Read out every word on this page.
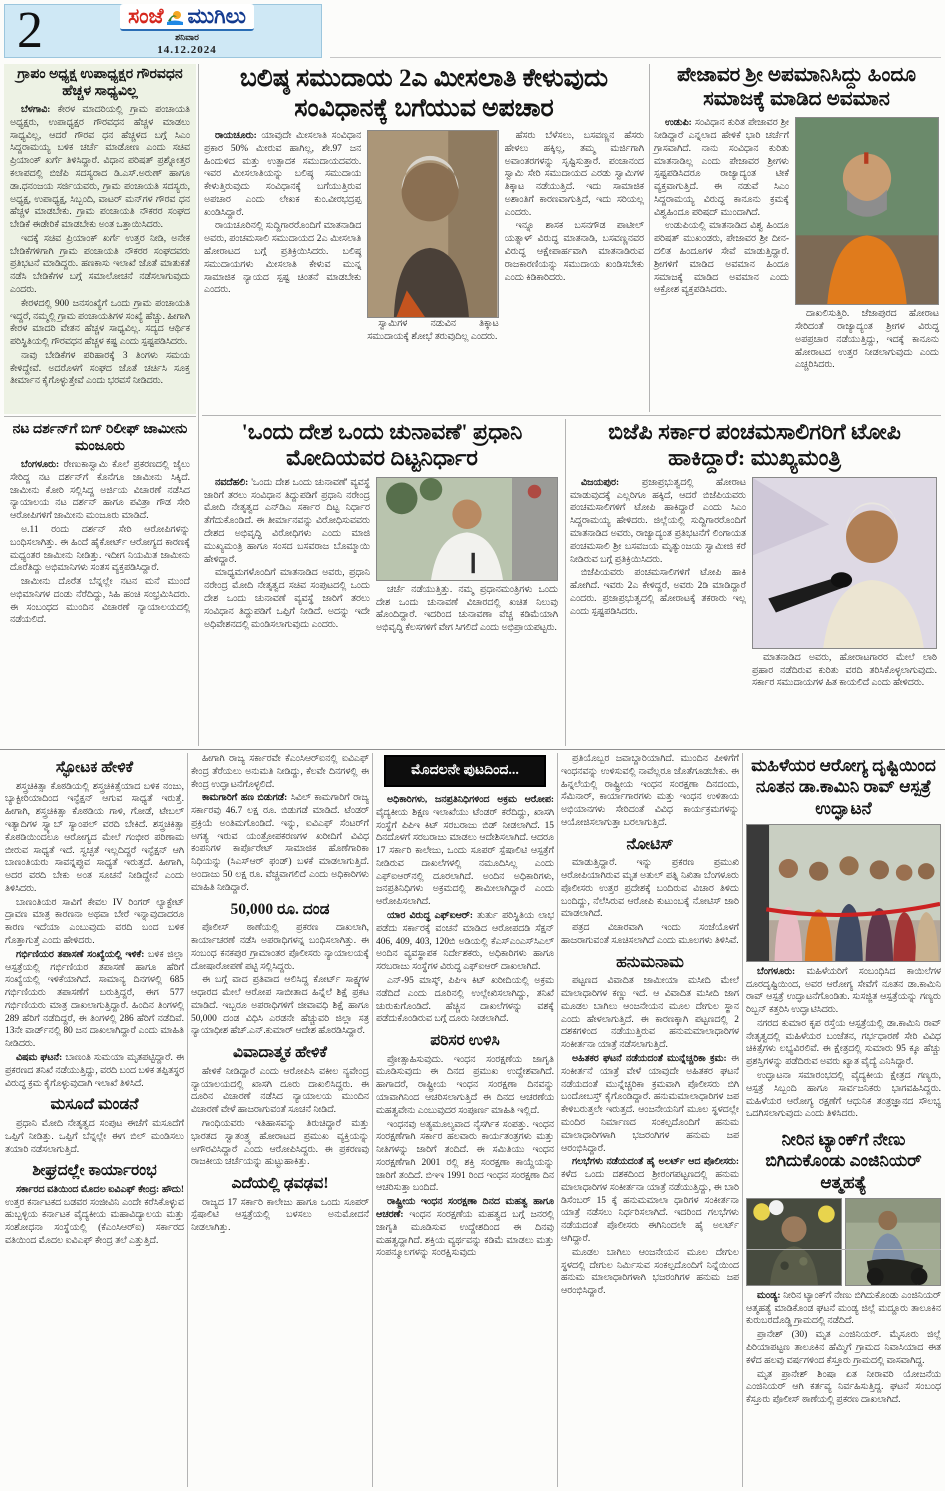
2	ಸಂಜೆ ಮುಗಿಲು
ಶನಿವಾರ
14.12.2024
ಗ್ರಾಪಂ ಅಧ್ಯಕ್ಷ ಉಪಾಧ್ಯಕ್ಷರ ಗೌರವಧನ ಹೆಚ್ಚಳ ಸಾಧ್ಯವಿಲ್ಲ

ಬೆಳಗಾವಿ: ಕೇರಳ ಮಾದರಿಯಲ್ಲಿ ಗ್ರಾಮ ಪಂಚಾಯತಿ ಅಧ್ಯಕ್ಷರು, ಉಪಾಧ್ಯಕ್ಷರ ಗೌರವಧನ ಹೆಚ್ಚಳ ಮಾಡಲು ಸಾಧ್ಯವಿಲ್ಲ, ಆದರೆ ಗೌರವ ಧನ ಹೆಚ್ಚಳದ ಬಗ್ಗೆ ಸಿಎಂ ಸಿದ್ದರಾಮಯ್ಯ ಬಳಿಕ ಚರ್ಚೆ ಮಾಡೋಣ ಎಂದು ಸಚಿವ ಪ್ರಿಯಾಂಕ್ ಖರ್ಗೆ ತಿಳಿಸಿದ್ದಾರೆ. ವಿಧಾನ ಪರಿಷತ್ ಪ್ರಶ್ನೋತ್ತರ ಕಲಾಪದಲ್ಲಿ ಬಿಜೆಪಿ ಸದಸ್ಯರಾದ ಡಿ.ಎಸ್.ಅರುಣ್ ಹಾಗೂ ಡಾ.ಧನಂಜಯ ಸರ್ಜಿಯವರು, ಗ್ರಾಮ ಪಂಚಾಯತಿ ಸದಸ್ಯರು, ಅಧ್ಯಕ್ಷ, ಉಪಾಧ್ಯಕ್ಷ, ಸಿಬ್ಬಂದಿ, ವಾಟರ್ ಮನ್‌ಗಳ ಗೌರವ ಧನ ಹೆಚ್ಚಳ ಮಾಡಬೇಕು. ಗ್ರಾಮ ಪಂಚಾಯತಿ ನೌಕರರ ಸಂಘದ ಬೇಡಿಕೆ ಈಡೇರಿಕೆ ಮಾಡಬೇಕು ಅಂತ ಒತ್ತಾಯಿಸಿದರು.

ಇದಕ್ಕೆ ಸಚಿವ ಪ್ರಿಯಾಂಕ್ ಖರ್ಗೆ ಉತ್ತರ ನೀಡಿ, ಅನೇಕ ಬೇಡಿಕೆಗಳಿಗಾಗಿ ಗ್ರಾಮ ಪಂಚಾಯತಿ ನೌಕರರ ಸಂಘದವರು ಪ್ರತಿಭಟನೆ ಮಾಡಿದ್ದರು. ಹಣಕಾಸು ಇಲಾಖೆ ಜೊತೆ ಮಾತುಕತೆ ನಡೆಸಿ ಬೇಡಿಕೆಗಳ ಬಗ್ಗೆ ಸಮಾಲೋಚನೆ ನಡೆಸಲಾಗುವುದು ಎಂದರು.

ಕೇರಳದಲ್ಲಿ 900 ಜನಸಂಖ್ಯೆಗೆ ಒಂದು ಗ್ರಾಮ ಪಂಚಾಯತಿ ಇದ್ದರೆ, ನಮ್ಮಲ್ಲಿ ಗ್ರಾಮ ಪಂಚಾಯತಿಗಳ ಸಂಖ್ಯೆ ಹೆಚ್ಚು. ಹೀಗಾಗಿ ಕೇರಳ ಮಾದರಿ ವೇತನ ಹೆಚ್ಚಳ ಸಾಧ್ಯವಿಲ್ಲ. ಸದ್ಯದ ಆರ್ಥಿಕ ಪರಿಸ್ಥಿತಿಯಲ್ಲಿ ಗೌರವಧನ ಹೆಚ್ಚಳ ಕಷ್ಟ ಎಂದು ಸ್ಪಷ್ಟಪಡಿಸಿದರು.

ನಾವು ಬೇಡಿಕೆಗಳ ಪರಿಹಾರಕ್ಕೆ 3 ತಿಂಗಳು ಸಮಯ ಕೇಳಿದ್ದೇವೆ. ಅದರೊಳಗೆ ಸಂಘದ ಜೊತೆ ಚರ್ಚಿಸಿ ಸೂಕ್ತ ತೀರ್ಮಾನ ಕೈಗೊಳ್ಳುತ್ತೇವೆ ಎಂದು ಭರವಸೆ ನೀಡಿದರು.

ನಟ ದರ್ಶನ್‌ಗೆ ಬಿಗ್ ರಿಲೀಫ್ ಜಾಮೀನು ಮಂಜೂರು

ಬೆಂಗಳೂರು: ರೇಣುಕಾಸ್ವಾಮಿ ಕೊಲೆ ಪ್ರಕರಣದಲ್ಲಿ ಜೈಲು ಸೇರಿದ್ದ ನಟ ದರ್ಶನ್‌ಗೆ ಕೊನೆಗೂ ಜಾಮೀನು ಸಿಕ್ಕಿದೆ. ಜಾಮೀನು ಕೋರಿ ಸಲ್ಲಿಸಿದ್ದ ಅರ್ಜಿಯ ವಿಚಾರಣೆ ನಡೆಸಿದ ನ್ಯಾಯಾಲಯ ನಟ ದರ್ಶನ್ ಹಾಗೂ ಪವಿತ್ರಾ ಗೌಡ ಸೇರಿ ಆರೋಪಿಗಳಿಗೆ ಜಾಮೀನು ಮಂಜೂರು ಮಾಡಿದೆ.

ಅ.11 ರಂದು ದರ್ಶನ್ ಸೇರಿ ಆರೋಪಿಗಳನ್ನು ಬಂಧಿಸಲಾಗಿತ್ತು. ಈ ಹಿಂದೆ ಹೈಕೋರ್ಟ್ ಆರೋಗ್ಯದ ಕಾರಣಕ್ಕೆ ಮಧ್ಯಂತರ ಜಾಮೀನು ನೀಡಿತ್ತು. ಇದೀಗ ನಿಯಮಿತ ಜಾಮೀನು ದೊರೆತಿದ್ದು ಅಭಿಮಾನಿಗಳು ಸಂತಸ ವ್ಯಕ್ತಪಡಿಸಿದ್ದಾರೆ.

ಜಾಮೀನು ದೊರೆತ ಬೆನ್ನಲ್ಲೇ ನಟನ ಮನೆ ಮುಂದೆ ಅಭಿಮಾನಿಗಳ ದಂಡು ನೆರೆದಿದ್ದು, ಸಿಹಿ ಹಂಚಿ ಸಂಭ್ರಮಿಸಿದರು. ಈ ಸಂಬಂಧದ ಮುಂದಿನ ವಿಚಾರಣೆ ನ್ಯಾಯಾಲಯದಲ್ಲಿ ನಡೆಯಲಿದೆ.

ಬಲಿಷ್ಠ ಸಮುದಾಯ 2ಎ ಮೀಸಲಾತಿ ಕೇಳುವುದು ಸಂವಿಧಾನಕ್ಕೆ ಬಗೆಯುವ ಅಪಚಾರ

ರಾಯಚೂರು: ಯಾವುದೇ ಮೀಸಲಾತಿ ಸಂವಿಧಾನ ಪ್ರಕಾರ 50% ಮೀರುವ ಹಾಗಿಲ್ಲ, ಶೇ.97 ಜನ ಹಿಂದುಳಿದ ಮತ್ತು ಉತ್ಪಾದಕ ಸಮುದಾಯದವರು. ಇವರ ಮೀಸಲಾತಿಯನ್ನು ಬಲಿಷ್ಠ ಸಮುದಾಯ ಕೇಳುತ್ತಿರುವುದು ಸಂವಿಧಾನಕ್ಕೆ ಬಗೆಯುತ್ತಿರುವ ಅಪಚಾರ ಎಂದು ಲೇಖಕ ಕುಂ.ವೀರಭದ್ರಪ್ಪ ಖಂಡಿಸಿದ್ದಾರೆ.

ರಾಯಚೂರಿನಲ್ಲಿ ಸುದ್ದಿಗಾರರೊಂದಿಗೆ ಮಾತನಾಡಿದ ಅವರು, ಪಂಚಮಸಾಲಿ ಸಮುದಾಯದ 2ಎ ಮೀಸಲಾತಿ ಹೋರಾಟದ ಬಗ್ಗೆ ಪ್ರತಿಕ್ರಿಯಿಸಿದರು. ಬಲಿಷ್ಠ ಸಮುದಾಯಗಳು ಮೀಸಲಾತಿ ಕೇಳುವ ಮುನ್ನ ಸಾಮಾಜಿಕ ನ್ಯಾಯದ ಸ್ಪಷ್ಟ ಚಿಂತನೆ ಮಾಡಬೇಕು ಎಂದರು.

ಸ್ವಾಮಿಗಳ ನಡುವಿನ ತಿಕ್ಕಾಟ ಸಮುದಾಯಕ್ಕೆ ಶೋಭೆ ತರುವುದಿಲ್ಲ ಎಂದರು.

ಹೆಸರು ಬೆಳೆಸಲು, ಬಸವಣ್ಣನ ಹೆಸರು ಹೇಳಲು ಹಕ್ಕಿಲ್ಲ, ತಮ್ಮ ಮರ್ಜಿಗಾಗಿ ಅವಾಂತರಗಳನ್ನು ಸೃಷ್ಟಿಸುತ್ತಾರೆ. ಪಂಚಾನಂದ ಸ್ವಾಮಿ ಸೇರಿ ಸಮುದಾಯದ ಎರಡು ಸ್ವಾಮಿಗಳ ತಿಕ್ಕಾಟ ನಡೆಯುತ್ತಿದೆ. ಇದು ಸಾಮಾಜಿಕ ಅಶಾಂತಿಗೆ ಕಾರಣವಾಗುತ್ತಿದೆ, ಇದು ಸರಿಯಲ್ಲ ಎಂದರು.

ಇನ್ನೂ ಶಾಸಕ ಬಸನಗೌಡ ಪಾಟೀಲ್ ಯತ್ನಾಳ್ ವಿರುದ್ಧ ಮಾತನಾಡಿ, ಬಸವಣ್ಣನವರ ವಿರುದ್ಧ ಆಕ್ಷೇಪಾರ್ಹವಾಗಿ ಮಾತನಾಡಿರುವ ರಾಜಕಾರಣಿಯನ್ನು ಸಮುದಾಯ ಖಂಡಿಸಬೇಕು ಎಂದು ಕಿಡಿಕಾರಿದರು.

ಪೇಜಾವರ ಶ್ರೀ ಅಪಮಾನಿಸಿದ್ದು ಹಿಂದೂ ಸಮಾಜಕ್ಕೆ ಮಾಡಿದ ಅವಮಾನ

ಉಡುಪಿ: ಸಂವಿಧಾನ ಕುರಿತ ಪೇಜಾವರ ಶ್ರೀ ನೀಡಿದ್ದಾರೆ ಎನ್ನಲಾದ ಹೇಳಿಕೆ ಭಾರಿ ಚರ್ಚೆಗೆ ಗ್ರಾಸವಾಗಿದೆ. ನಾನು ಸಂವಿಧಾನ ಕುರಿತು ಮಾತನಾಡಿಲ್ಲ ಎಂದು ಪೇಜಾವರ ಶ್ರೀಗಳು ಸ್ಪಷ್ಟಪಡಿಸಿದರೂ ರಾಜ್ಯಾದ್ಯಂತ ಟೀಕೆ ವ್ಯಕ್ತವಾಗುತ್ತಿದೆ. ಈ ನಡುವೆ ಸಿಎಂ ಸಿದ್ದರಾಮಯ್ಯ ವಿರುದ್ಧ ಕಾನೂನು ಕ್ರಮಕ್ಕೆ ವಿಶ್ವಹಿಂದೂ ಪರಿಷದ್ ಮುಂದಾಗಿದೆ.

ಉಡುಪಿಯಲ್ಲಿ ಮಾತನಾಡಿದ ವಿಶ್ವ ಹಿಂದೂ ಪರಿಷತ್ ಮುಖಂಡರು, ಪೇಜಾವರ ಶ್ರೀ ದೀನ-ದಲಿತ ಹಿಂದೂಗಳ ಸೇವೆ ಮಾಡುತ್ತಿದ್ದಾರೆ. ಶ್ರೀಗಳಿಗೆ ಮಾಡಿದ ಅವಮಾನ ಹಿಂದೂ ಸಮಾಜಕ್ಕೆ ಮಾಡಿದ ಅವಮಾನ ಎಂದು ಆಕ್ರೋಶ ವ್ಯಕ್ತಪಡಿಸಿದರು.

ದಾಖಲಿಸುತ್ತಿರಿ. ಜೆಜಾಪುರದ ಹೋರಾಟ ಸೇರಿದಂತೆ ರಾಜ್ಯಾದ್ಯಂತ ಶ್ರೀಗಳ ವಿರುದ್ಧ ಅಪಪ್ರಚಾರ ನಡೆಯುತ್ತಿದ್ದು, ಇದಕ್ಕೆ ಕಾನೂನು ಹೋರಾಟದ ಉತ್ತರ ನೀಡಲಾಗುವುದು ಎಂದು ಎಚ್ಚರಿಸಿದರು.

'ಒಂದು ದೇಶ ಒಂದು ಚುನಾವಣೆ' ಪ್ರಧಾನಿ ಮೋದಿಯವರ ದಿಟ್ಟನಿರ್ಧಾರ

ನವದೆಹಲಿ: 'ಒಂದು ದೇಶ ಒಂದು ಚುನಾವಣೆ' ವ್ಯವಸ್ಥೆ ಜಾರಿಗೆ ತರಲು ಸಂವಿಧಾನ ತಿದ್ದುಪಡಿಗೆ ಪ್ರಧಾನಿ ನರೇಂದ್ರ ಮೋದಿ ನೇತೃತ್ವದ ಎನ್‌ಡಿಎ ಸರ್ಕಾರ ದಿಟ್ಟ ನಿರ್ಧಾರ ತೆಗೆದುಕೊಂಡಿದೆ. ಈ ತೀರ್ಮಾನವನ್ನು ವಿರೋಧಿಸುವವರು ದೇಶದ ಅಭಿವೃದ್ಧಿ ವಿರೋಧಿಗಳು ಎಂದು ಮಾಜಿ ಮುಖ್ಯಮಂತ್ರಿ ಹಾಗೂ ಸಂಸದ ಬಸವರಾಜ ಬೊಮ್ಮಾಯಿ ಹೇಳಿದ್ದಾರೆ.

ಮಾಧ್ಯಮಗಳೊಂದಿಗೆ ಮಾತನಾಡಿದ ಅವರು, ಪ್ರಧಾನಿ ನರೇಂದ್ರ ಮೋದಿ ನೇತೃತ್ವದ ಸಚಿವ ಸಂಪುಟದಲ್ಲಿ ಒಂದು ದೇಶ ಒಂದು ಚುನಾವಣೆ ವ್ಯವಸ್ಥೆ ಜಾರಿಗೆ ತರಲು ಸಂವಿಧಾನ ತಿದ್ದುಪಡಿಗೆ ಒಪ್ಪಿಗೆ ನೀಡಿದೆ. ಅದನ್ನು ಇದೇ ಅಧಿವೇಶನದಲ್ಲಿ ಮಂಡಿಸಲಾಗುವುದು ಎಂದರು.

ಚರ್ಚೆ ನಡೆಯುತ್ತಿತ್ತು. ನಮ್ಮ ಪ್ರಧಾನಮಂತ್ರಿಗಳು ಒಂದು ದೇಶ ಒಂದು ಚುನಾವಣೆ ವಿಚಾರದಲ್ಲಿ ಖಚಿತ ನಿಲುವು ಹೊಂದಿದ್ದಾರೆ. ಇದರಿಂದ ಚುನಾವಣಾ ವೆಚ್ಚ ಕಡಿಮೆಯಾಗಿ ಅಭಿವೃದ್ಧಿ ಕೆಲಸಗಳಿಗೆ ವೇಗ ಸಿಗಲಿದೆ ಎಂದು ಅಭಿಪ್ರಾಯಪಟ್ಟರು.

ಬಿಜೆಪಿ ಸರ್ಕಾರ ಪಂಚಮಸಾಲಿಗರಿಗೆ ಟೋಪಿ ಹಾಕಿದ್ದಾರೆ: ಮುಖ್ಯಮಂತ್ರಿ

ವಿಜಯಪುರ: ಪ್ರಜಾಪ್ರಭುತ್ವದಲ್ಲಿ ಹೋರಾಟ ಮಾಡುವುದಕ್ಕೆ ಎಲ್ಲರಿಗೂ ಹಕ್ಕಿದೆ, ಆದರೆ ಬಿಜೆಪಿಯವರು ಪಂಚಮಸಾಲಿಗಳಿಗೆ ಟೋಪಿ ಹಾಕಿದ್ದಾರೆ ಎಂದು ಸಿಎಂ ಸಿದ್ದರಾಮಯ್ಯ ಹೇಳಿದರು. ಜಿಲ್ಲೆಯಲ್ಲಿ ಸುದ್ದಿಗಾರರೊಂದಿಗೆ ಮಾತನಾಡಿದ ಅವರು, ರಾಜ್ಯಾದ್ಯಂತ ಪ್ರತಿಭಟನೆಗೆ ಲಿಂಗಾಯತ ಪಂಚಮಸಾಲಿ ಶ್ರೀ ಬಸವಜಯ ಮೃತ್ಯುಂಜಯ ಸ್ವಾಮೀಜಿ ಕರೆ ನೀಡಿರುವ ಬಗ್ಗೆ ಪ್ರತಿಕ್ರಿಯಿಸಿದರು.

ಬಿಜೆಪಿಯವರು ಪಂಚಮಸಾಲಿಗಳಿಗೆ ಟೋಪಿ ಹಾಕಿ ಹೋಗಿದೆ. ಇವರು 2ಎ ಕೇಳಿದ್ದರೆ, ಅವರು 2ಡಿ ಮಾಡಿದ್ದಾರೆ ಎಂದರು. ಪ್ರಜಾಪ್ರಭುತ್ವದಲ್ಲಿ ಹೋರಾಟಕ್ಕೆ ತಕರಾರು ಇಲ್ಲ ಎಂದು ಸ್ಪಷ್ಟಪಡಿಸಿದರು.

ಮಾತನಾಡಿದ ಅವರು, ಹೋರಾಟಗಾರರ ಮೇಲೆ ಲಾಠಿ ಪ್ರಹಾರ ನಡೆದಿರುವ ಕುರಿತು ವರದಿ ತರಿಸಿಕೊಳ್ಳಲಾಗುವುದು. ಸರ್ಕಾರ ಸಮುದಾಯಗಳ ಹಿತ ಕಾಯಲಿದೆ ಎಂದು ಹೇಳಿದರು.

ಸ್ಫೋಟಕ ಹೇಳಿಕೆ

ಶಸ್ತ್ರಚಿಕಿತ್ಸಾ ಕೊಠಡಿಯಲ್ಲಿ ಶಸ್ತ್ರಚಿಕಿತ್ಸೆಯಾದ ಬಳಿಕ ನಂಜು, ಬ್ಯಾಕ್ಟೀರಿಯಾದಿಂದ ಇನ್ಫೆಕ್ಷನ್ ಆಗುವ ಸಾಧ್ಯತೆ ಇರುತ್ತೆ. ಹೀಗಾಗಿ, ಶಸ್ತ್ರಚಿಕಿತ್ಸಾ ಕೊಠಡಿಯ ಗಾಳಿ, ಗೋಡೆ, ಟೇಬಲ್ ಇತ್ಯಾದಿಗಳ ಸ್ವ್ಯಾಬ್ ಸ್ಯಾಂಪಲ್ ವರದಿ ಬೇಕಿದೆ. ಶಸ್ತ್ರಚಿಕಿತ್ಸಾ ಕೊಠಡಿಯಿಂದಲೂ ಆರೋಗ್ಯದ ಮೇಲೆ ಗಂಭೀರ ಪರಿಣಾಮ ಬೀರುವ ಸಾಧ್ಯತೆ ಇದೆ. ಸ್ವಚ್ಛತೆ ಇಲ್ಲದಿದ್ದರೆ ಇನ್ಫೆಕ್ಷನ್ ಆಗಿ ಬಾಣಂತಿಯರು ಸಾವನ್ನಪ್ಪುವ ಸಾಧ್ಯತೆ ಇರುತ್ತದೆ. ಹೀಗಾಗಿ, ಅದರ ವರದಿ ಬೇಕು ಅಂತ ಸೂಚನೆ ನೀಡಿದ್ದೇನೆ ಎಂದು ತಿಳಿಸಿದರು.

ಬಾಣಂತಿಯರ ಸಾವಿಗೆ ಕೇವಲ IV ರಿಂಗರ್ ಲ್ಯಾಕ್ಟೇಟ್ ದ್ರಾವಣ ಮಾತ್ರ ಕಾರಣನಾ ಅಥವಾ ಬೇರೆ ಇನ್ನಾವುದಾದರೂ ಕಾರಣ ಇದೆಯಾ ಎಂಬುವುದು ವರದಿ ಬಂದ ಬಳಿಕ ಗೊತ್ತಾಗುತ್ತೆ ಎಂದು ಹೇಳಿದರು.

ಗರ್ಭಿಣಿಯರ ತಪಾಸಣೆ ಸಂಖ್ಯೆಯಲ್ಲಿ ಇಳಿಕೆ: ಬಳಿಕ ಜಿಲ್ಲಾ ಆಸ್ಪತ್ರೆಯಲ್ಲಿ ಗರ್ಭಿಣಿಯರ ತಪಾಸಣೆ ಹಾಗೂ ಹೆರಿಗೆ ಸಂಖ್ಯೆಯಲ್ಲಿ ಇಳಿಕೆಯಾಗಿದೆ. ಸಾಮಾನ್ಯ ದಿನಗಳಲ್ಲಿ 685 ಗರ್ಭಿಣಿಯರು ತಪಾಸಣೆಗೆ ಬರುತ್ತಿದ್ದರೆ, ಈಗ 577 ಗರ್ಭಿಣಿಯರು ಮಾತ್ರ ದಾಖಲಾಗುತ್ತಿದ್ದಾರೆ. ಹಿಂದಿನ ತಿಂಗಳಲ್ಲಿ 289 ಹೆರಿಗೆ ನಡೆದಿದ್ದರೆ, ಈ ತಿಂಗಳಲ್ಲಿ 286 ಹೆರಿಗೆ ನಡೆದಿವೆ. 13ನೇ ವಾರ್ಡ್‌ನಲ್ಲಿ 80 ಜನ ದಾಖಲಾಗಿದ್ದಾರೆ ಎಂದು ಮಾಹಿತಿ ನೀಡಿದರು.

ವಿಷಮ ಘಟನೆ: ಬಾಣಂತಿ ಸುಮಯಾ ಮೃತಪಟ್ಟಿದ್ದಾರೆ. ಈ ಪ್ರಕರಣದ ತನಿಖೆ ನಡೆಯುತ್ತಿದ್ದು, ವರದಿ ಬಂದ ಬಳಿಕ ತಪ್ಪಿತಸ್ಥರ ವಿರುದ್ಧ ಕ್ರಮ ಕೈಗೊಳ್ಳುವುದಾಗಿ ಇಲಾಖೆ ತಿಳಿಸಿದೆ.

ಮಸೂದೆ ಮಂಡನೆ

ಪ್ರಧಾನಿ ಮೋದಿ ನೇತೃತ್ವದ ಸಂಪುಟ ಈಚೆಗೆ ಮಸೂದೆಗೆ ಒಪ್ಪಿಗೆ ನೀಡಿತ್ತು. ಒಪ್ಪಿಗೆ ಬೆನ್ನಲ್ಲೇ ಈಗ ಬಿಲ್ ಮಂಡಿಸಲು ತಯಾರಿ ನಡೆಸಲಾಗುತ್ತಿದೆ.

ಶೀಘ್ರದಲ್ಲೇ ಕಾರ್ಯಾರಂಭ

ಸರ್ಕಾರದ ವತಿಯಿಂದ ಮೊದಲ ಐವಿಎಫ್ ಕೇಂದ್ರ: ಹೌದು! ಉತ್ತರ ಕರ್ನಾಟಕದ ಬಡವರ ಸಂಜೀವಿನಿ ಎಂದೇ ಕರೆಸಿಕೊಳ್ಳುವ ಹುಬ್ಬಳ್ಳಿಯ ಕರ್ನಾಟಕ ವೈದ್ಯಕೀಯ ಮಹಾವಿದ್ಯಾಲಯ ಮತ್ತು ಸಂಶೋಧನಾ ಸಂಸ್ಥೆಯಲ್ಲಿ (ಕೆಎಂಸಿಆರ್‌ಐ) ಸರ್ಕಾರದ ವತಿಯಿಂದ ಮೊದಲ ಐವಿಎಫ್ ಕೇಂದ್ರ ತಲೆ ಎತ್ತುತ್ತಿದೆ.

ಹೀಗಾಗಿ ರಾಜ್ಯ ಸರ್ಕಾರವೇ ಕೆಎಂಸಿಆರ್‌ಐನಲ್ಲಿ ಐವಿಎಫ್ ಕೇಂದ್ರ ತೆರೆಯಲು ಅನುಮತಿ ನೀಡಿದ್ದು, ಕೆಲವೇ ದಿನಗಳಲ್ಲಿ ಈ ಕೇಂದ್ರ ಉದ್ಘಾಟನೆಗೊಳ್ಳಲಿದೆ.

ಕಾಮಗಾರಿಗೆ ಹಣ ಬಿಡುಗಡೆ: ಸಿವಿಲ್ ಕಾಮಗಾರಿಗೆ ರಾಜ್ಯ ಸರ್ಕಾರವು 46.7 ಲಕ್ಷ ರೂ. ಬಿಡುಗಡೆ ಮಾಡಿದೆ. ಟೆಂಡರ್ ಪ್ರಕ್ರಿಯೆ ಅಂತಿಮಗೊಂಡಿದೆ. ಇನ್ನು, ಐವಿಎಫ್ ಸೆಂಟರ್‌ಗೆ ಅಗತ್ಯ ಇರುವ ಯಂತ್ರೋಪಕರಣಗಳ ಖರೀದಿಗೆ ವಿವಿಧ ಕಂಪನಿಗಳ ಕಾರ್ಪೊರೇಟ್ ಸಾಮಾಜಿಕ ಹೊಣೆಗಾರಿಕಾ ನಿಧಿಯನ್ನು (ಸಿಎಸ್‌ಆರ್ ಫಂಡ್) ಬಳಕೆ ಮಾಡಲಾಗುತ್ತಿದೆ. ಅಂದಾಜು 50 ಲಕ್ಷ ರೂ. ವೆಚ್ಚವಾಗಲಿದೆ ಎಂದು ಅಧಿಕಾರಿಗಳು ಮಾಹಿತಿ ನೀಡಿದ್ದಾರೆ.

50,000 ರೂ. ದಂಡ

ಪೊಲೀಸ್ ಠಾಣೆಯಲ್ಲಿ ಪ್ರಕರಣ ದಾಖಲಾಗಿ, ಕಾರ್ಯಾಚರಣೆ ನಡೆಸಿ ಅಪರಾಧಿಗಳನ್ನ ಬಂಧಿಸಲಾಗಿತ್ತು. ಈ ಸಂಬಂಧ ಕನಕಪುರ ಗ್ರಾಮಾಂತರ ಪೊಲೀಸರು ನ್ಯಾಯಾಲಯಕ್ಕೆ ದೋಷಾರೋಪಣೆ ಪಟ್ಟಿ ಸಲ್ಲಿಸಿದ್ದರು.

ಈ ಬಗ್ಗೆ ವಾದ ಪ್ರತಿವಾದ ಆಲಿಸಿದ್ದ ಕೋರ್ಟ್ ಸಾಕ್ಷ್ಯಗಳ ಆಧಾರದ ಮೇಲೆ ಆರೋಪ ಸಾಬೀತಾದ ಹಿನ್ನೆಲೆ ಶಿಕ್ಷೆ ಪ್ರಕಟ ಮಾಡಿದೆ. ಇಬ್ಬರೂ ಅಪರಾಧಿಗಳಿಗೆ ಜೀವಾವಧಿ ಶಿಕ್ಷೆ ಹಾಗೂ 50,000 ದಂಡ ವಿಧಿಸಿ ಎರಡನೇ ಹೆಚ್ಚುವರಿ ಜಿಲ್ಲಾ ಸತ್ರ ನ್ಯಾಯಾಧೀಶ ಹೆಚ್.ಎನ್.ಕುಮಾರ್ ಆದೇಶ ಹೊರಡಿಸಿದ್ದಾರೆ.

ವಿವಾದಾತ್ಮಕ ಹೇಳಿಕೆ

ಹೇಳಿಕೆ ನೀಡಿದ್ದಾರೆ ಎಂದು ಆರೋಪಿಸಿ ವಕೀಲ ನ್ಯವೇಂದ್ರ ನ್ಯಾಯಾಲಯದಲ್ಲಿ ಖಾಸಗಿ ದೂರು ದಾಖಲಿಸಿದ್ದರು. ಈ ದೂರಿನ ವಿಚಾರಣೆ ನಡೆಸಿದ ನ್ಯಾಯಾಲಯ ಮುಂದಿನ ವಿಚಾರಣೆ ವೇಳೆ ಹಾಜರಾಗುವಂತೆ ಸೂಚನೆ ನೀಡಿದೆ.

ಗಾಂಧಿಯವರು ಇತಿಹಾಸವನ್ನು ತಿರುಚಿದ್ದಾರೆ ಮತ್ತು ಭಾರತದ ಸ್ವಾತಂತ್ರ್ಯ ಹೋರಾಟದ ಪ್ರಮುಖ ವ್ಯಕ್ತಿಯನ್ನು ಅಗೌರವಿಸಿದ್ದಾರೆ ಎಂದು ಆರೋಪಿಸಿದ್ದರು. ಈ ಪ್ರಕರಣವು ರಾಜಕೀಯ ಚರ್ಚೆಯನ್ನು ಹುಟ್ಟುಹಾಕಿತ್ತು.

ಎದೆಯಲ್ಲಿ ಢವಢವ!

ರಾಜ್ಯದ 17 ಸರ್ಕಾರಿ ಕಾಲೇಜು ಹಾಗೂ ಒಂದು ಸೂಪರ್ ಸ್ಪೆಷಾಲಿಟಿ ಆಸ್ಪತ್ರೆಯಲ್ಲಿ ಬಳಸಲು ಅನುಮೋದನೆ ನೀಡಲಾಗಿತ್ತು.

ಮೊದಲನೇ ಪುಟದಿಂದ...

ಅಧಿಕಾರಿಗಳು, ಜನಪ್ರತಿನಿಧಿಗಳಿಂದ ಅಕ್ರಮ ಆರೋಪ: ವೈದ್ಯಕೀಯ ಶಿಕ್ಷಣ ಇಲಾಖೆಯು ಟೆಂಡರ್ ಕರೆದಿದ್ದು, ಖಾಸಗಿ ಸಂಸ್ಥೆಗೆ ಪಿಪಿಇ ಕಿಟ್ ಸರಬರಾಜು ಬಿಡ್ ನೀಡಲಾಗಿದೆ. 15 ದಿನದೊಳಗೆ ಸರಬರಾಜು ಮಾಡಲು ಆದೇಶಿಸಲಾಗಿದೆ. ಆದರೂ 17 ಸರ್ಕಾರಿ ಕಾಲೇಜು, ಒಂದು ಸೂಪರ್ ಸ್ಪೆಷಾಲಿಟಿ ಆಸ್ಪತ್ರೆಗೆ ನೀಡಿರುವ ದಾಖಲೆಗಳಲ್ಲಿ ನಮೂದಿಸಿಲ್ಲ ಎಂದು ಎಫ್‌ಐಆರ್‌ನಲ್ಲಿ ದೂರಲಾಗಿದೆ. ಅಂದಿನ ಅಧಿಕಾರಿಗಳು, ಜನಪ್ರತಿನಿಧಿಗಳು ಅಕ್ರಮದಲ್ಲಿ ಶಾಮೀಲಾಗಿದ್ದಾರೆ ಎಂದು ಆರೋಪಿಸಲಾಗಿದೆ.

ಯಾರ ವಿರುದ್ಧ ಎಫ್‌ಐಆರ್: ತುರ್ತು ಪರಿಸ್ಥಿತಿಯ ಲಾಭ ಪಡೆದು ಸರ್ಕಾರಕ್ಕೆ ವಂಚನೆ ಮಾಡಿದ ಆರೋಪದಡಿ ಸೆಕ್ಷನ್ 406, 409, 403, 120ಬಿ ಅಡಿಯಲ್ಲಿ ಕೆಎಸ್‌ಎಂಎಸ್‌ಸಿಎಲ್ ಅಂದಿನ ವ್ಯವಸ್ಥಾಪಕ ನಿರ್ದೇಶಕರು, ಅಧಿಕಾರಿಗಳು ಹಾಗೂ ಸರಬರಾಜು ಸಂಸ್ಥೆಗಳ ವಿರುದ್ಧ ಎಫ್‌ಐಆರ್ ದಾಖಲಾಗಿದೆ.

ಎನ್-95 ಮಾಸ್ಕ್, ಪಿಪಿಇ ಕಿಟ್ ಖರೀದಿಯಲ್ಲಿ ಅಕ್ರಮ ನಡೆದಿದೆ ಎಂದು ದೂರಿನಲ್ಲಿ ಉಲ್ಲೇಖಿಸಲಾಗಿದ್ದು, ತನಿಖೆ ಚುರುಕುಗೊಂಡಿದೆ. ಹೆಚ್ಚಿನ ದಾಖಲೆಗಳನ್ನು ವಶಕ್ಕೆ ಪಡೆದುಕೊಂಡಿರುವ ಬಗ್ಗೆ ದೂರು ನೀಡಲಾಗಿದೆ.

ಪರಿಸರ ಉಳಿಸಿ

ಪ್ರೋತ್ಸಾಹಿಸುವುದು. ಇಂಧನ ಸಂರಕ್ಷಣೆಯ ಜಾಗೃತಿ ಮೂಡಿಸುವುದು ಈ ದಿನದ ಪ್ರಮುಖ ಉದ್ದೇಶವಾಗಿದೆ. ಹಾಗಾದರೆ, ರಾಷ್ಟ್ರೀಯ ಇಂಧನ ಸಂರಕ್ಷಣಾ ದಿನವನ್ನು ಯಾವಾಗಿನಿಂದ ಆಚರಿಸಲಾಗುತ್ತಿದೆ ಈ ದಿನದ ಆಚರಣೆಯ ಮಹತ್ವವೇನು ಎಂಬುವುದರ ಸಂಪೂರ್ಣ ಮಾಹಿತಿ ಇಲ್ಲಿದೆ.

ಇಂಧನವು ಅತ್ಯಮೂಲ್ಯವಾದ ನೈಸರ್ಗಿಕ ಸಂಪತ್ತು. ಇಂಧನ ಸಂರಕ್ಷಣೆಗಾಗಿ ಸರ್ಕಾರ ಹಲವಾರು ಕಾರ್ಯತಂತ್ರಗಳು ಮತ್ತು ನೀತಿಗಳನ್ನು ಜಾರಿಗೆ ತಂದಿದೆ. ಈ ಸಮಿತಿಯು ಇಂಧನ ಸಂರಕ್ಷಣೆಗಾಗಿ 2001 ರಲ್ಲಿ ಶಕ್ತಿ ಸಂರಕ್ಷಣಾ ಕಾಯ್ದೆಯನ್ನು ಜಾರಿಗೆ ತಂದಿದೆ. ಬಿಇಇ 1991 ರಿಂದ ಇಂಧನ ಸಂರಕ್ಷಣಾ ದಿನ ಆಚರಿಸುತ್ತಾ ಬಂದಿದೆ.

ರಾಷ್ಟ್ರೀಯ ಇಂಧನ ಸಂರಕ್ಷಣಾ ದಿನದ ಮಹತ್ವ ಹಾಗೂ ಆಚರಣೆ: ಇಂಧನ ಸಂರಕ್ಷಣೆಯ ಮಹತ್ವದ ಬಗ್ಗೆ ಜನರಲ್ಲಿ ಜಾಗೃತಿ ಮೂಡಿಸುವ ಉದ್ದೇಶದಿಂದ ಈ ದಿನವು ಮಹತ್ವದ್ದಾಗಿದೆ. ಶಕ್ತಿಯ ವ್ಯರ್ಥವನ್ನು ಕಡಿಮೆ ಮಾಡಲು ಮತ್ತು ಸಂಪನ್ಮೂಲಗಳನ್ನು ಸಂರಕ್ಷಿಸುವುದು

ಪ್ರತಿಯೊಬ್ಬರ ಜವಾಬ್ದಾರಿಯಾಗಿದೆ. ಮುಂದಿನ ಪೀಳಿಗೆಗೆ ಇಂಧನವನ್ನು ಉಳಿಸುವಲ್ಲಿ ನಾವೆಲ್ಲರೂ ಜೊತೆಗೂಡಬೇಕು. ಈ ಹಿನ್ನಲೆಯಲ್ಲಿ ರಾಷ್ಟ್ರೀಯ ಇಂಧನ ಸಂರಕ್ಷಣಾ ದಿನದಂದು, ಸೆಮಿನಾರ್, ಕಾರ್ಯಾಗಾರಗಳು ಮತ್ತು ಇಂಧನ ಉಳಿತಾಯ ಅಭಿಯಾನಗಳು ಸೇರಿದಂತೆ ವಿವಿಧ ಕಾರ್ಯಕ್ರಮಗಳನ್ನು ಆಯೋಜಿಸಲಾಗುತ್ತಾ ಬರಲಾಗುತ್ತಿದೆ.

ನೋಟಿಸ್

ಮಾಡುತ್ತಿದ್ದಾರೆ. ಇನ್ನು ಪ್ರಕರಣ ಪ್ರಮುಖಿ ಆರೋಪಿಯಾಗಿರುವ ಮೃತ ಅತುಲ್ ಪತ್ನಿ ನಿಖಿತಾ ಬೆಂಗಳೂರು ಪೊಲೀಸರು ಉತ್ತರ ಪ್ರದೇಶಕ್ಕೆ ಬಂದಿರುವ ವಿಚಾರ ತಿಳಿದು ಬಂದಿದ್ದು, ನೆಲೆಸಿರುವ ಆರೋಪಿ ಕುಟುಂಬಕ್ಕೆ ನೋಟಿಸ್ ಜಾರಿ ಮಾಡಲಾಗಿದೆ.

ಪತ್ರದ ವಿಚಾರವಾಗಿ ಇಂದು ಸಂಜೆಯೊಳಗೆ ಹಾಜರಾಗುವಂತೆ ಸೂಚಿಸಲಾಗಿದೆ ಎಂದು ಮೂಲಗಳು ತಿಳಿಸಿವೆ.

ಹನುಮನಾಮ

ಪಟ್ಟಣದ ವಿವಾದಿತ ಜಾಮೀಯಾ ಮಸೀದಿ ಮೇಲೆ ಮಾಲಾಧಾರಿಗಳ ಕಣ್ಣು ಇದೆ. ಆ ವಿವಾದಿತ ಮಸೀದಿ ಜಾಗ ಮೂಡಲ ಬಾಗಿಲು ಆಂಜನೇಯನ ಮೂಲ ದೇಗುಲ ಸ್ಥಾನ ಎಂದು ಹೇಳಲಾಗುತ್ತಿದೆ. ಈ ಕಾರಣಕ್ಕಾಗಿ ಪಟ್ಟಣದಲ್ಲಿ 2 ದಶಕಗಳಿಂದ ನಡೆಯುತ್ತಿರುವ ಹನುಮಮಾಲಾಧಾರಿಗಳ ಸಂಕೀರ್ತನಾ ಯಾತ್ರೆ ನಡೆಸಲಾಗುತ್ತಿದೆ.

ಅಹಿತಕರ ಘಟನೆ ನಡೆಯದಂತೆ ಮುನ್ನೆಚ್ಚರಿಕಾ ಕ್ರಮ: ಈ ಸಂಕೀರ್ತನೆ ಯಾತ್ರೆ ವೇಳೆ ಯಾವುದೇ ಅಹಿತಕರ ಘಟನೆ ನಡೆಯದಂತೆ ಮುನ್ನೆಚ್ಚರಿಕಾ ಕ್ರಮವಾಗಿ ಪೊಲೀಸರು ಬಿಗಿ ಬಂದೋಬಸ್ತ್ ಕೈಗೊಂಡಿದ್ದಾರೆ. ಹನುಮಮಾಲಾಧಾರಿಗಳ ಜಪ ಕೇಳಿಬರುತ್ತಲೇ ಇರುತ್ತದೆ. ಆಂಜನೇಯನಿಗೆ ಮೂಲ ಸ್ಥಳದಲ್ಲೇ ಮಂದಿರ ನಿರ್ಮಾಣದ ಸಂಕಲ್ಪದೊಂದಿಗೆ ಹನುಮ ಮಾಲಾಧಾರಿಗಳಾಗಿ ಭಜರಂಗಿಗಳ ಹನುಮ ಜಪ ಆರಂಭಿಸಿದ್ದಾರೆ.

ಗಲಭೆಗಳು ನಡೆಯದಂತೆ ಹೈ ಅಲರ್ಟ್ ಆದ ಪೊಲೀಸರು: ಕಳೆದ ಒಂದು ದಶಕದಿಂದ ಶ್ರೀರಂಗಪಟ್ಟಣದಲ್ಲಿ ಹನುಮ ಮಾಲಾಧಾರಿಗಳ ಸಂಕೀರ್ತನಾ ಯಾತ್ರೆ ನಡೆಯುತ್ತಿದ್ದು, ಈ ಬಾರಿ ಡಿಸೆಂಬರ್ 15 ಕ್ಕೆ ಹನುಮಮಾಲಾ ಧಾರಿಗಳ ಸಂಕೀರ್ತನಾ ಯಾತ್ರೆ ನಡೆಸಲು ನಿರ್ಧರಿಸಲಾಗಿದೆ. ಇದರಿಂದ ಗಲಭೆಗಳು ನಡೆಯದಂತೆ ಪೊಲೀಸರು ಈಗಿನಿಂದಲೇ ಹೈ ಅಲರ್ಟ್ ಆಗಿದ್ದಾರೆ.

ಮೂಡಲ ಬಾಗಿಲು ಆಂಜನೇಯನ ಮೂಲ ದೇಗುಲ ಸ್ಥಳದಲ್ಲಿ ದೇಗುಲ ನಿರ್ಮಿಸುವ ಸಂಕಲ್ಪದೊಂದಿಗೆ ನಿನ್ನೆಯಿಂದ ಹನುಮ ಮಾಲಾಧಾರಿಗಳಾಗಿ ಭಜರಂಗಿಗಳ ಹನುಮ ಜಪ ಆರಂಭಿಸಿದ್ದಾರೆ.

ಮಹಿಳೆಯರ ಆರೋಗ್ಯ ದೃಷ್ಟಿಯಿಂದ ನೂತನ ಡಾ.ಕಾಮಿನಿ ರಾವ್ ಆಸ್ಪತ್ರೆ ಉದ್ಘಾಟನೆ

ಬೆಂಗಳೂರು: ಮಹಿಳೆಯರಿಗೆ ಸಂಬಂಧಿಸಿದ ಕಾಯಿಲೆಗಳ ದೂರದೃಷ್ಟಿಯಿಂದ, ಅವರ ಆರೋಗ್ಯ ಸೇವೆಗೆ ನೂತನ ಡಾ.ಕಾಮಿನಿ ರಾವ್ ಆಸ್ಪತ್ರೆ ಉದ್ಘಾಟನೆಗೊಂಡಿತು. ಸುಸಜ್ಜಿತ ಆಸ್ಪತ್ರೆಯನ್ನು ಗಣ್ಯರು ರಿಬ್ಬನ್ ಕತ್ತರಿಸಿ ಉದ್ಘಾಟಿಸಿದರು.

ನಗರದ ಕುಮಾರ ಕೃಪ ರಸ್ತೆಯ ಆಸ್ಪತ್ರೆಯಲ್ಲಿ ಡಾ.ಕಾಮಿನಿ ರಾವ್ ನೇತೃತ್ವದಲ್ಲಿ ಮಹಿಳೆಯರ ಬಂಜೆತನ, ಗರ್ಭಧಾರಣೆ ಸೇರಿ ವಿವಿಧ ಚಿಕಿತ್ಸೆಗಳು ಲಭ್ಯವಿರಲಿವೆ. ಈ ಕ್ಷೇತ್ರದಲ್ಲಿ ಸುಮಾರು 95 ಕ್ಕೂ ಹೆಚ್ಚು ಪ್ರಶಸ್ತಿಗಳನ್ನು ಪಡೆದಿರುವ ಅವರು ಖ್ಯಾತ ವೈದ್ಯೆ ಎನಿಸಿದ್ದಾರೆ.

ಉದ್ಘಾಟನಾ ಸಮಾರಂಭದಲ್ಲಿ ವೈದ್ಯಕೀಯ ಕ್ಷೇತ್ರದ ಗಣ್ಯರು, ಆಸ್ಪತ್ರೆ ಸಿಬ್ಬಂದಿ ಹಾಗೂ ಸಾರ್ವಜನಿಕರು ಭಾಗವಹಿಸಿದ್ದರು. ಮಹಿಳೆಯರ ಆರೋಗ್ಯ ರಕ್ಷಣೆಗೆ ಆಧುನಿಕ ತಂತ್ರಜ್ಞಾನದ ಸೌಲಭ್ಯ ಒದಗಿಸಲಾಗುವುದು ಎಂದು ತಿಳಿಸಿದರು.

ನೀರಿನ ಟ್ಯಾಂಕ್‌ಗೆ ನೇಣು ಬಿಗಿದುಕೊಂಡು ಎಂಜಿನಿಯರ್ ಆತ್ಮಹತ್ಯೆ

ಮಂಡ್ಯ: ನೀರಿನ ಟ್ಯಾಂಕ್‌ಗೆ ನೇಣು ಬಿಗಿದುಕೊಂಡು ಎಂಜಿನಿಯರ್ ಆತ್ಮಹತ್ಯೆ ಮಾಡಿಕೊಂಡ ಘಟನೆ ಮಂಡ್ಯ ಜಿಲ್ಲೆ ಮದ್ದೂರು ತಾಲೂಕಿನ ಕುರುಬರದೊಡ್ಡಿ ಗ್ರಾಮದಲ್ಲಿ ನಡೆದಿದೆ.

ಪ್ರಾನೇಶ್ (30) ಮೃತ ಎಂಜಿನಿಯರ್. ಮೈಸೂರು ಜಿಲ್ಲೆ ಪಿರಿಯಾಪಟ್ಟಣ ತಾಲೂಕಿನ ಹೆಮ್ಮಿಗೆ ಗ್ರಾಮದ ನಿವಾಸಿಯಾದ ಈತ ಕಳೆದ ಹಲವು ವರ್ಷಗಳಿಂದ ಕೆಸ್ತೂರು ಗ್ರಾಮದಲ್ಲಿ ವಾಸವಾಗಿದ್ದ.

ಮೃತ ಪ್ರಾನೇಶ್ ಶಿಂಷಾ ಏತ ನೀರಾವರಿ ಯೋಜನೆಯ ಎಂಜಿನಿಯರ್ ಆಗಿ ಕರ್ತವ್ಯ ನಿರ್ವಹಿಸುತ್ತಿದ್ದ. ಘಟನೆ ಸಂಬಂಧ ಕೆಸ್ತೂರು ಪೊಲೀಸ್ ಠಾಣೆಯಲ್ಲಿ ಪ್ರಕರಣ ದಾಖಲಾಗಿದೆ.
